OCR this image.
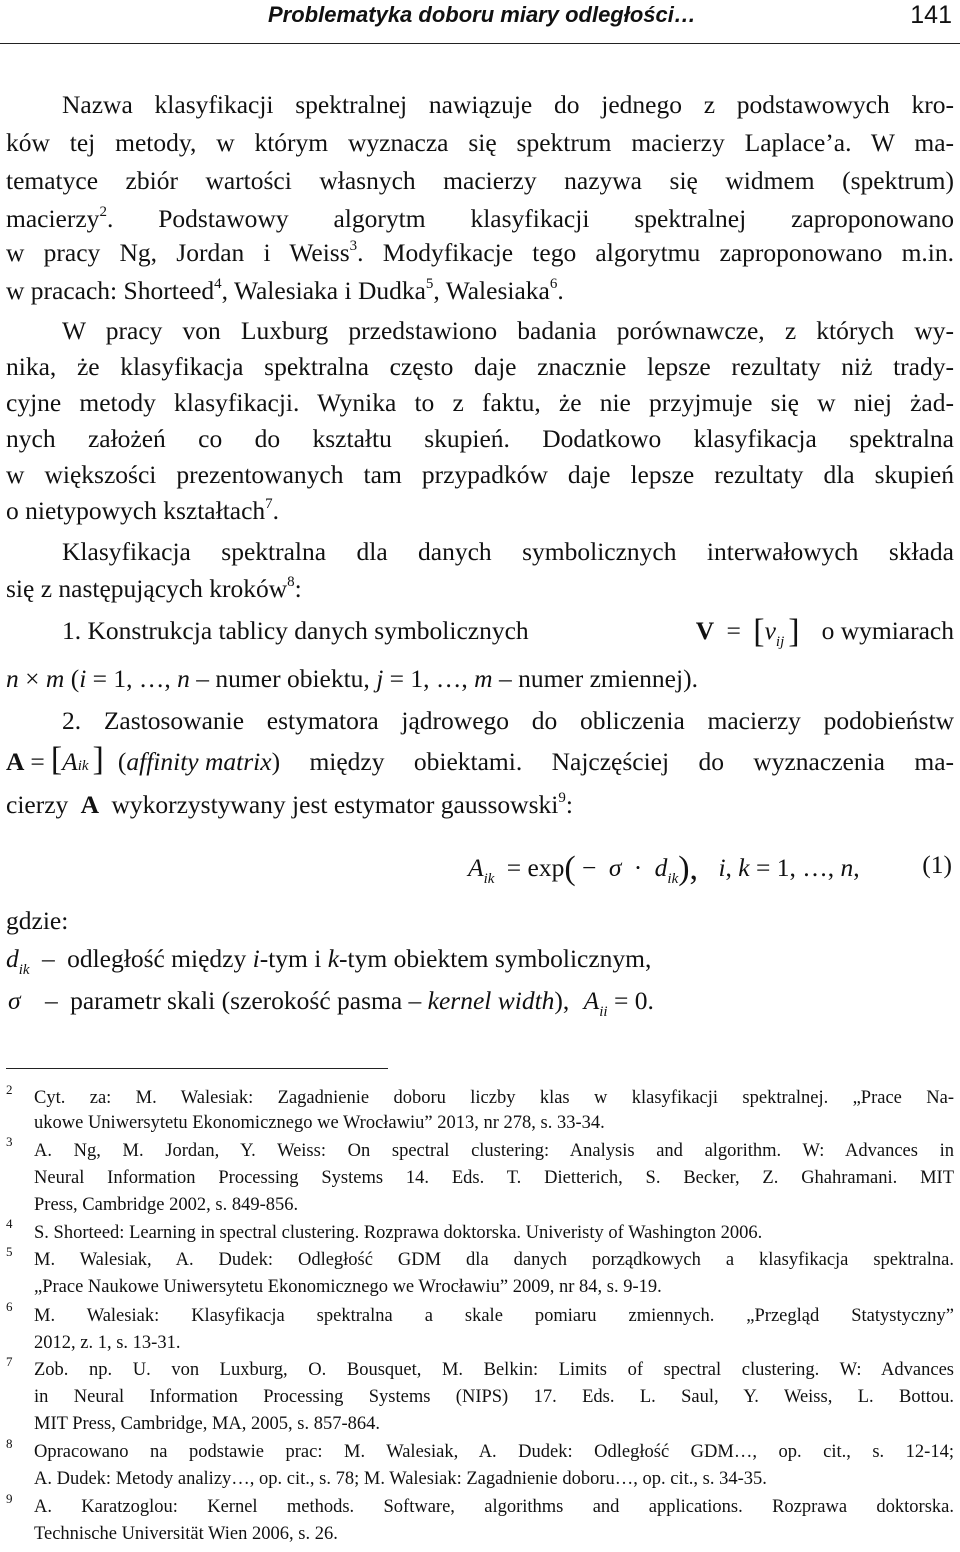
Problematyka doboru miary odległości…	141
Nazwa klasyfikacji spektralnej nawiązuje do jednego z podstawowych kro-
ków tej metody, w którym wyznacza się spektrum macierzy Laplace’a. W ma-
tematyce zbiór wartości własnych macierzy nazywa się widmem (spektrum)
macierzy$^2$. Podstawowy algorytm klasyfikacji spektralnej zaproponowano
w pracy Ng, Jordan i Weiss$^3$. Modyfikacje tego algorytmu zaproponowano m.in.
w pracach: Shorteed$^4$, Walesiaka i Dudka$^5$, Walesiaka$^6$.
W pracy von Luxburg przedstawiono badania porównawcze, z których wy-
nika, że klasyfikacja spektralna często daje znacznie lepsze rezultaty niż trady-
cyjne metody klasyfikacji. Wynika to z faktu, że nie przyjmuje się w niej żad-
nych założeń co do kształtu skupień. Dodatkowo klasyfikacja spektralna
w większości prezentowanych tam przypadków daje lepsze rezultaty dla skupień
o nietypowych kształtach$^7$.
Klasyfikacja spektralna dla danych symbolicznych interwałowych składa
się z następujących kroków$^8$:
1. Konstrukcja tablicy danych symbolicznych	$V = [v_{ij}$ ] o wymiarach
n × m (i = 1, …, n – numer obiektu, j = 1, …, m – numer zmiennej).
2. Zastosowanie estymatora jądrowego do obliczenia macierzy podobieństw
A = [ A ik ] ( affinity matrix ) między obiektami. Najczęściej do wyznaczenia ma-
cierzy A wykorzystywany jest estymator gaussowski$^9$:
$A_{ik} = \exp( - \sigma \cdot d_{ik})$, i, k = 1, …, n, (1)
gdzie:
$d_{ik}$ – odległość między i-tym i k-tym obiektem symbolicznym,
σ – parametr skali (szerokość pasma – kernel width), $A_{ii} = 0$.
2 Cyt. za: M. Walesiak: Zagadnienie doboru liczby klas w klasyfikacji spektralnej. „Prace Na-
ukowe Uniwersytetu Ekonomicznego we Wrocławiu” 2013, nr 278, s. 33-34.
3 A. Ng, M. Jordan, Y. Weiss: On spectral clustering: Analysis and algorithm. W: Advances in
Neural Information Processing Systems 14. Eds. T. Dietterich, S. Becker, Z. Ghahramani. MIT
Press, Cambridge 2002, s. 849-856.
4 S. Shorteed: Learning in spectral clustering. Rozprawa doktorska. Univeristy of Washington 2006.
5 M. Walesiak, A. Dudek: Odległość GDM dla danych porządkowych a klasyfikacja spektralna.
„Prace Naukowe Uniwersytetu Ekonomicznego we Wrocławiu” 2009, nr 84, s. 9-19.
6 M. Walesiak: Klasyfikacja spektralna a skale pomiaru zmiennych. „Przegląd Statystyczny”
2012, z. 1, s. 13-31.
7 Zob. np. U. von Luxburg, O. Bousquet, M. Belkin: Limits of spectral clustering. W: Advances
in Neural Information Processing Systems (NIPS) 17. Eds. L. Saul, Y. Weiss, L. Bottou.
MIT Press, Cambridge, MA, 2005, s. 857-864.
8 Opracowano na podstawie prac: M. Walesiak, A. Dudek: Odległość GDM…, op. cit., s. 12-14;
A. Dudek: Metody analizy…, op. cit., s. 78; M. Walesiak: Zagadnienie doboru…, op. cit., s. 34-35.
9 A. Karatzoglou: Kernel methods. Software, algorithms and applications. Rozprawa doktorska.
Technische Universität Wien 2006, s. 26.
